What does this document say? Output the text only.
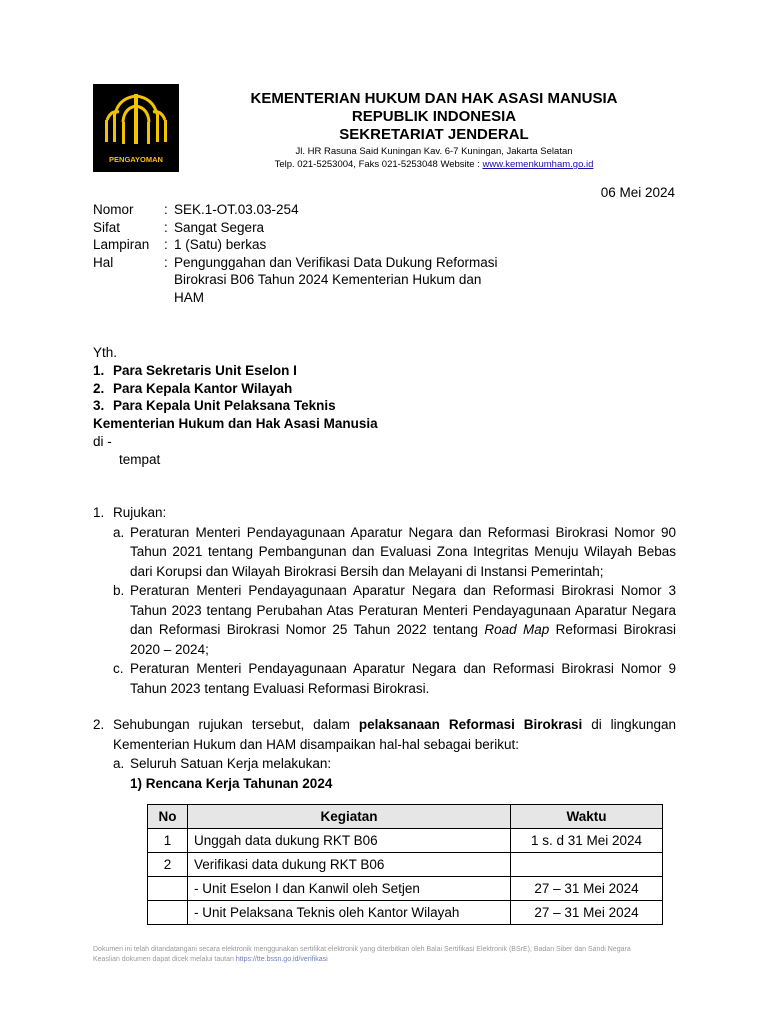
PENGAYOMAN
KEMENTERIAN HUKUM DAN HAK ASASI MANUSIA
REPUBLIK INDONESIA
SEKRETARIAT JENDERAL
Jl. HR Rasuna Said Kuningan Kav. 6-7 Kuningan, Jakarta Selatan
Telp. 021-5253004, Faks 021-5253048 Website : www.kemenkumham.go.id
06 Mei 2024
Nomor	: SEK.1-OT.03.03-254
Sifat	: Sangat Segera
Lampiran	: 1 (Satu) berkas
Hal	: Pengunggahan dan Verifikasi Data Dukung Reformasi Birokrasi B06 Tahun 2024 Kementerian Hukum dan HAM
Yth.
1. Para Sekretaris Unit Eselon I
2. Para Kepala Kantor Wilayah
3. Para Kepala Unit Pelaksana Teknis
Kementerian Hukum dan Hak Asasi Manusia
di -
tempat
1. Rujukan:
a. Peraturan Menteri Pendayagunaan Aparatur Negara dan Reformasi Birokrasi Nomor 90 Tahun 2021 tentang Pembangunan dan Evaluasi Zona Integritas Menuju Wilayah Bebas dari Korupsi dan Wilayah Birokrasi Bersih dan Melayani di Instansi Pemerintah;
b. Peraturan Menteri Pendayagunaan Aparatur Negara dan Reformasi Birokrasi Nomor 3 Tahun 2023 tentang Perubahan Atas Peraturan Menteri Pendayagunaan Aparatur Negara dan Reformasi Birokrasi Nomor 25 Tahun 2022 tentang Road Map Reformasi Birokrasi 2020 – 2024;
c. Peraturan Menteri Pendayagunaan Aparatur Negara dan Reformasi Birokrasi Nomor 9 Tahun 2023 tentang Evaluasi Reformasi Birokrasi.
2. Sehubungan rujukan tersebut, dalam pelaksanaan Reformasi Birokrasi di lingkungan Kementerian Hukum dan HAM disampaikan hal-hal sebagai berikut:
a. Seluruh Satuan Kerja melakukan:
1) Rencana Kerja Tahunan 2024
No	Kegiatan	Waktu
1	Unggah data dukung RKT B06	1 s. d 31 Mei 2024
2	Verifikasi data dukung RKT B06	
	- Unit Eselon I dan Kanwil oleh Setjen	27 – 31 Mei 2024
	- Unit Pelaksana Teknis oleh Kantor Wilayah	27 – 31 Mei 2024
Dokumen ini telah ditandatangani secara elektronik menggunakan sertifikat elektronik yang diterbitkan oleh Balai Sertifikasi Elektronik (BSrE), Badan Siber dan Sandi Negara
Keaslian dokumen dapat dicek melalui tautan https://tte.bssn.go.id/verifikasi
